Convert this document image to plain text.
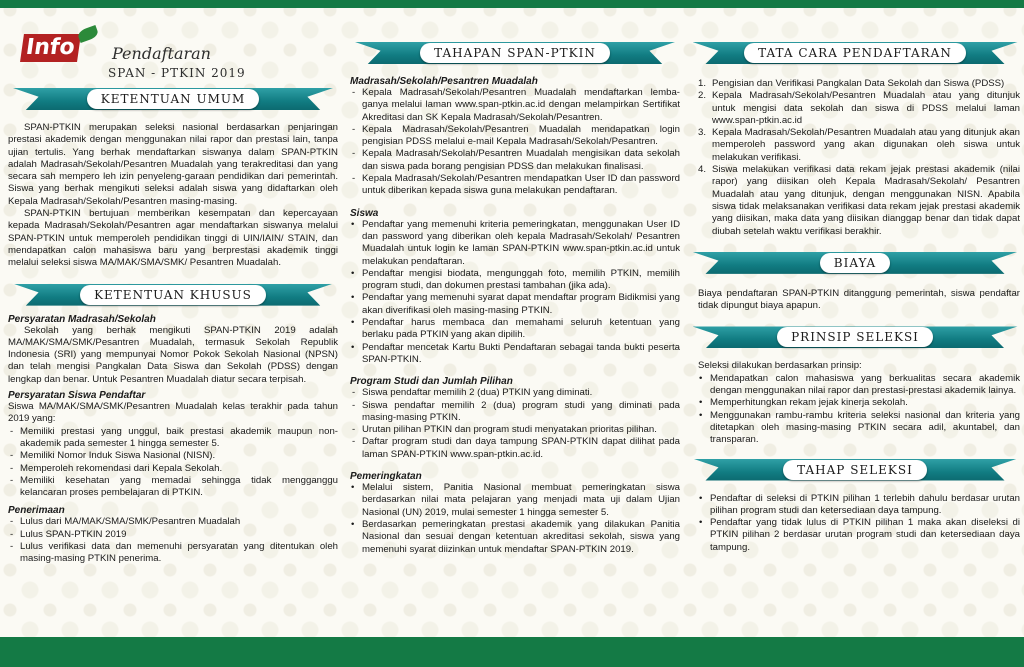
Info Pendaftaran
SPAN - PTKIN 2019
KETENTUAN UMUM

SPAN-PTKIN merupakan seleksi nasional berdasarkan penjaringan prestasi akademik dengan menggunakan nilai rapor dan prestasi lain, tanpa ujian tertulis. Yang berhak mendaftarkan siswanya dalam SPAN-PTKIN adalah Madrasah/Sekolah/Pesantren Muadalah yang terakreditasi dan yang secara sah mempero leh izin penyeleng-garaan pendidikan dari pemerintah. Siswa yang berhak mengikuti seleksi adalah siswa yang didaftarkan oleh Kepala Madrasah/Sekolah/Pesantren masing-masing.

SPAN-PTKIN bertujuan memberikan kesempatan dan kepercayaan kepada Madrasah/Sekolah/Pesantren agar mendaftarkan siswanya melalui SPAN-PTKIN untuk memperoleh pendidikan tinggi di UIN/IAIN/ STAIN, dan mendapatkan calon mahasiswa baru yang berprestasi akademik tinggi melalui seleksi siswa MA/MAK/SMA/SMK/ Pesantren Muadalah.

KETENTUAN KHUSUS
Persyaratan Madrasah/Sekolah

Sekolah yang berhak mengikuti SPAN-PTKIN 2019 adalah MA/MAK/SMA/SMK/Pesantren Muadalah, termasuk Sekolah Republik Indonesia (SRI) yang mempunyai Nomor Pokok Sekolah Nasional (NPSN) dan telah mengisi Pangkalan Data Siswa dan Sekolah (PDSS) dengan lengkap dan benar. Untuk Pesantren Muadalah diatur secara terpisah.

Persyaratan Siswa Pendaftar

Siswa MA/MAK/SMA/SMK/Pesantren Muadalah kelas terakhir pada tahun 2019 yang:

- Memiliki prestasi yang unggul, baik prestasi akademik maupun non-akademik pada semester 1 hingga semester 5.
- Memiliki Nomor Induk Siswa Nasional (NISN).
- Memperoleh rekomendasi dari Kepala Sekolah.
- Memiliki kesehatan yang memadai sehingga tidak mengganggu kelancaran proses pembelajaran di PTKIN.
Penerimaan
- Lulus dari MA/MAK/SMA/SMK/Pesantren Muadalah
- Lulus SPAN-PTKIN 2019
- Lulus verifikasi data dan memenuhi persyaratan yang ditentukan oleh masing-masing PTKIN penerima.
TAHAPAN SPAN-PTKIN
Madrasah/Sekolah/Pesantren Muadalah
- Kepala Madrasah/Sekolah/Pesantren Muadalah mendaftarkan lemba-ganya melalui laman www.span-ptkin.ac.id dengan melampirkan Sertifikat Akreditasi dan SK Kepala Madrasah/Sekolah/Pesantren.
- Kepala Madrasah/Sekolah/Pesantren Muadalah mendapatkan login pengisian PDSS melalui e-mail Kepala Madrasah/Sekolah/Pesantren.
- Kepala Madrasah/Sekolah/Pesantren Muadalah mengisikan data sekolah dan siswa pada borang pengisian PDSS dan melakukan finalisasi.
- Kepala Madrasah/Sekolah/Pesantren mendapatkan User ID dan password untuk diberikan kepada siswa guna melakukan pendaftaran.
Siswa
• Pendaftar yang memenuhi kriteria pemeringkatan, menggunakan User ID dan password yang diberikan oleh kepala Madrasah/Sekolah/ Pesantren Muadalah untuk login ke laman SPAN-PTKIN www.span-ptkin.ac.id untuk melakukan pendaftaran.
• Pendaftar mengisi biodata, mengunggah foto, memilih PTKIN, memilih program studi, dan dokumen prestasi tambahan (jika ada).
• Pendaftar yang memenuhi syarat dapat mendaftar program Bidikmisi yang akan diverifikasi oleh masing-masing PTKIN.
• Pendaftar harus membaca dan memahami seluruh ketentuan yang berlaku pada PTKIN yang akan dipilih.
• Pendaftar mencetak Kartu Bukti Pendaftaran sebagai tanda bukti peserta SPAN-PTKIN.
Program Studi dan Jumlah Pilihan
- Siswa pendaftar memilih 2 (dua) PTKIN yang diminati.
- Siswa pendaftar memilih 2 (dua) program studi yang diminati pada masing-masing PTKIN.
- Urutan pilihan PTKIN dan program studi menyatakan prioritas pilihan.
- Daftar program studi dan daya tampung SPAN-PTKIN dapat dilihat pada laman SPAN-PTKIN www.span-ptkin.ac.id.
Pemeringkatan
• Melalui sistem, Panitia Nasional membuat pemeringkatan siswa berdasarkan nilai mata pelajaran yang menjadi mata uji dalam Ujian Nasional (UN) 2019, mulai semester 1 hingga semester 5.
• Berdasarkan pemeringkatan prestasi akademik yang dilakukan Panitia Nasional dan sesuai dengan ketentuan akreditasi sekolah, siswa yang memenuhi syarat diizinkan untuk mendaftar SPAN-PTKIN 2019.
TATA CARA PENDAFTARAN
1. Pengisian dan Verifikasi Pangkalan Data Sekolah dan Siswa (PDSS)
2. Kepala Madrasah/Sekolah/Pesantren Muadalah atau yang ditunjuk untuk mengisi data sekolah dan siswa di PDSS melalui laman www.span-ptkin.ac.id
3. Kepala Madrasah/Sekolah/Pesantren Muadalah atau yang ditunjuk akan memperoleh password yang akan digunakan oleh siswa untuk melakukan verifikasi.
4. Siswa melakukan verifikasi data rekam jejak prestasi akademik (nilai rapor) yang diisikan oleh Kepala Madrasah/Sekolah/ Pesantren Muadalah atau yang ditunjuk, dengan menggunakan NISN. Apabila siswa tidak melaksanakan verifikasi data rekam jejak prestasi akademik yang diisikan, maka data yang diisikan dianggap benar dan tidak dapat diubah setelah waktu verifikasi berakhir.
BIAYA

Biaya pendaftaran SPAN-PTKIN ditanggung pemerintah, siswa pendaftar tidak dipungut biaya apapun.

PRINSIP SELEKSI

Seleksi dilakukan berdasarkan prinsip:

• Mendapatkan calon mahasiswa yang berkualitas secara akademik dengan menggunakan nilai rapor dan prestasi-prestasi akademik lainya.
• Memperhitungkan rekam jejak kinerja sekolah.
• Menggunakan rambu-rambu kriteria seleksi nasional dan kriteria yang ditetapkan oleh masing-masing PTKIN secara adil, akuntabel, dan transparan.
TAHAP SELEKSI
• Pendaftar di seleksi di PTKIN pilihan 1 terlebih dahulu berdasar urutan pilihan program studi dan ketersediaan daya tampung.
• Pendaftar yang tidak lulus di PTKIN pilihan 1 maka akan diseleksi di PTKIN pilihan 2 berdasar urutan program studi dan ketersediaan daya tampung.
